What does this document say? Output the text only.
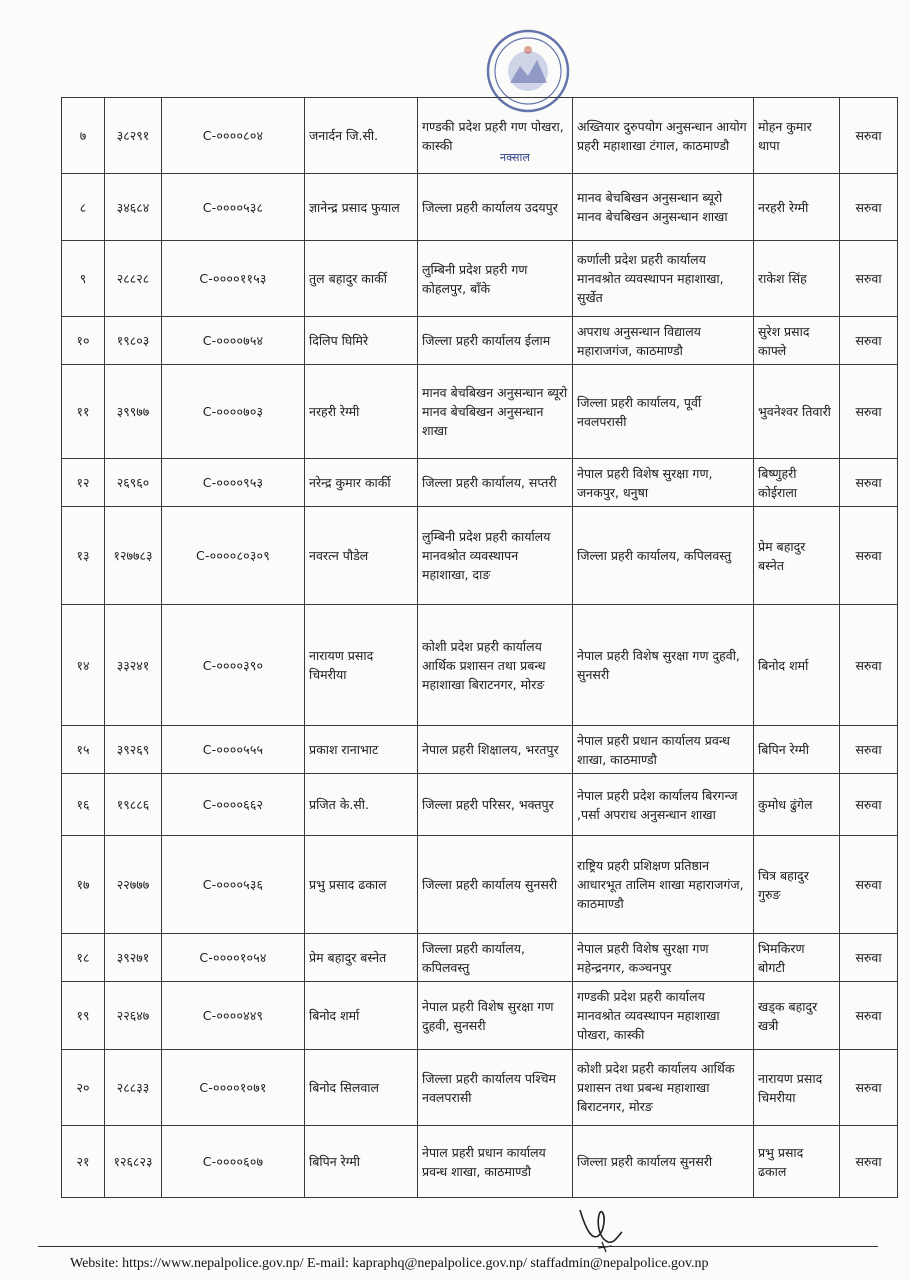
नक्साल
७	३८२९१	C-००००८०४	जनार्दन जि.सी.	गण्डकी प्रदेश प्रहरी गण पोखरा, कास्की	अख्तियार दुरुपयोग अनुसन्धान आयोग प्रहरी महाशाखा टंगाल, काठमाण्डौ	मोहन कुमार थापा	सरुवा
८	३४६८४	C-००००५३८	ज्ञानेन्द्र प्रसाद फुयाल	जिल्ला प्रहरी कार्यालय उदयपुर	मानव बेचबिखन अनुसन्धान ब्यूरो मानव बेचबिखन अनुसन्धान शाखा	नरहरी रेग्मी	सरुवा
९	२८८२८	C-००००११५३	तुल बहादुर कार्की	लुम्बिनी प्रदेश प्रहरी गण कोहलपुर, बाँके	कर्णाली प्रदेश प्रहरी कार्यालय मानवश्रोत व्यवस्थापन महाशाखा, सुर्खेत	राकेश सिंह	सरुवा
१०	१९८०३	C-००००७५४	दिलिप घिमिरे	जिल्ला प्रहरी कार्यालय ईलाम	अपराध अनुसन्धान विद्यालय महाराजगंज, काठमाण्डौ	सुरेश प्रसाद काफ्ले	सरुवा
११	३९९७७	C-००००७०३	नरहरी रेग्मी	मानव बेचबिखन अनुसन्धान ब्यूरो मानव बेचबिखन अनुसन्धान शाखा	जिल्ला प्रहरी कार्यालय, पूर्वी नवलपरासी	भुवनेश्वर तिवारी	सरुवा
१२	२६९६०	C-००००९५३	नरेन्द्र कुमार कार्की	जिल्ला प्रहरी कार्यालय, सप्तरी	नेपाल प्रहरी विशेष सुरक्षा गण, जनकपुर, धनुषा	बिष्णुहरी कोईराला	सरुवा
१३	१२७७८३	C-००००८०३०९	नवरत्न पौडेल	लुम्बिनी प्रदेश प्रहरी कार्यालय मानवश्रोत व्यवस्थापन महाशाखा, दाङ	जिल्ला प्रहरी कार्यालय, कपिलवस्तु	प्रेम बहादुर बस्नेत	सरुवा
१४	३३२४१	C-००००३९०	नारायण प्रसाद चिमरीया	कोशी प्रदेश प्रहरी कार्यालय आर्थिक प्रशासन तथा प्रबन्ध महाशाखा बिराटनगर, मोरङ	नेपाल प्रहरी विशेष सुरक्षा गण दुहवी, सुनसरी	बिनोद शर्मा	सरुवा
१५	३९२६९	C-००००५५५	प्रकाश रानाभाट	नेपाल प्रहरी शिक्षालय, भरतपुर	नेपाल प्रहरी प्रधान कार्यालय प्रवन्ध शाखा, काठमाण्डौ	बिपिन रेग्मी	सरुवा
१६	१९८८६	C-००००६६२	प्रजित के.सी.	जिल्ला प्रहरी परिसर, भक्तपुर	नेपाल प्रहरी प्रदेश कार्यालय बिरगन्ज ,पर्सा अपराध अनुसन्धान शाखा	कुमोध ढुंगेल	सरुवा
१७	२२७७७	C-००००५३६	प्रभु प्रसाद ढकाल	जिल्ला प्रहरी कार्यालय सुनसरी	राष्ट्रिय प्रहरी प्रशिक्षण प्रतिष्ठान आधारभूत तालिम शाखा महाराजगंज, काठमाण्डौ	चित्र बहादुर गुरुङ	सरुवा
१८	३९२७१	C-००००१०५४	प्रेम बहादुर बस्नेत	जिल्ला प्रहरी कार्यालय, कपिलवस्तु	नेपाल प्रहरी विशेष सुरक्षा गण महेन्द्रनगर, कञ्चनपुर	भिमकिरण बोगटी	सरुवा
१९	२२६४७	C-००००४४९	बिनोद शर्मा	नेपाल प्रहरी विशेष सुरक्षा गण दुहवी, सुनसरी	गण्डकी प्रदेश प्रहरी कार्यालय मानवश्रोत व्यवस्थापन महाशाखा पोखरा, कास्की	खड्क बहादुर खत्री	सरुवा
२०	२८८३३	C-००००१०७१	बिनोद सिलवाल	जिल्ला प्रहरी कार्यालय पश्चिम नवलपरासी	कोशी प्रदेश प्रहरी कार्यालय आर्थिक प्रशासन तथा प्रबन्ध महाशाखा बिराटनगर, मोरङ	नारायण प्रसाद चिमरीया	सरुवा
२१	१२६८२३	C-००००६०७	बिपिन रेग्मी	नेपाल प्रहरी प्रधान कार्यालय प्रवन्ध शाखा, काठमाण्डौ	जिल्ला प्रहरी कार्यालय सुनसरी	प्रभु प्रसाद ढकाल	सरुवा
Website: https://www.nepalpolice.gov.np/ E-mail: kapraphq@nepalpolice.gov.np/ staffadmin@nepalpolice.gov.np
